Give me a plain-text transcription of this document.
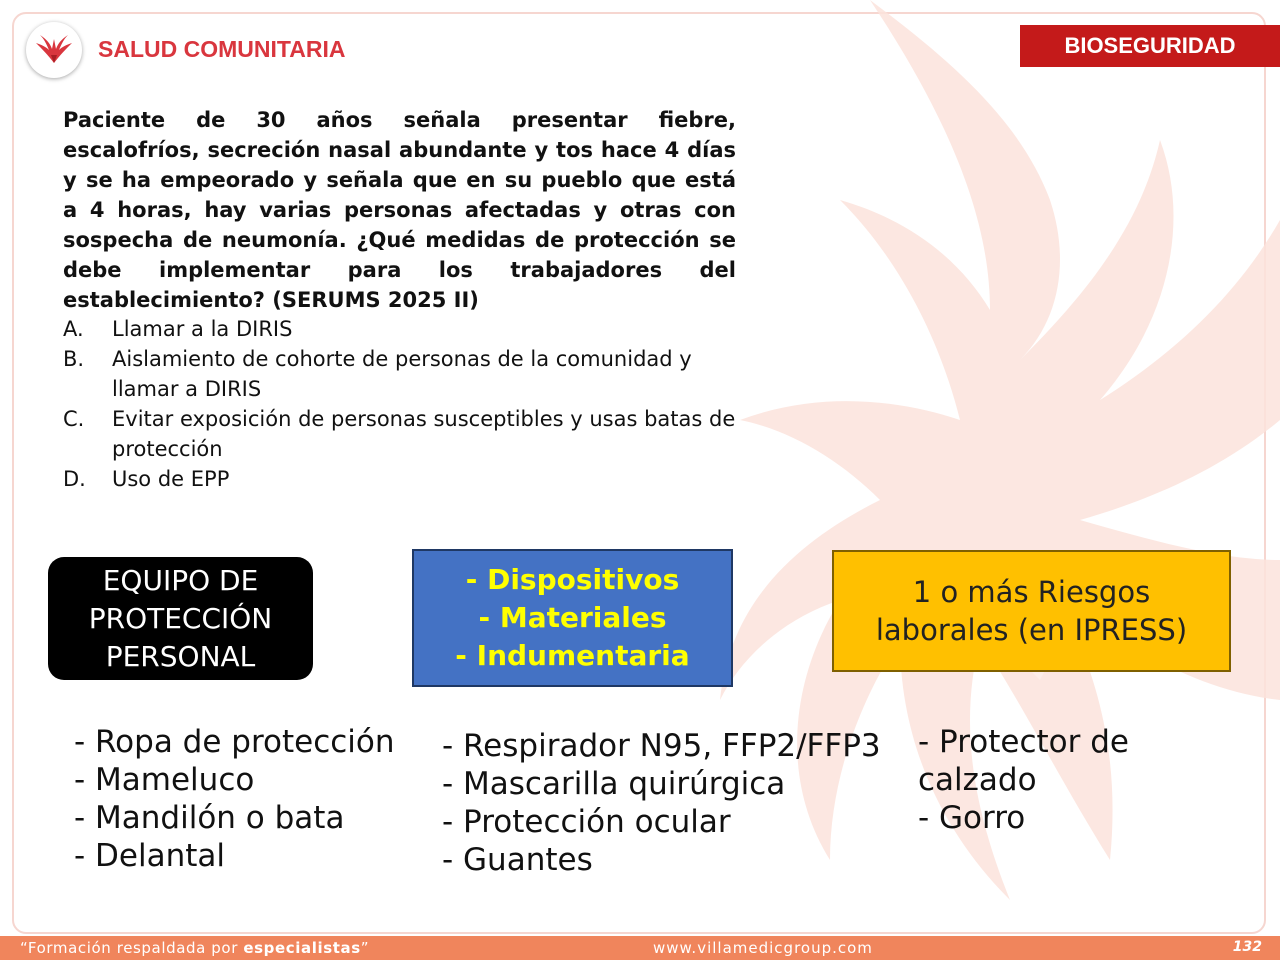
SALUD COMUNITARIA	BIOSEGURIDAD

Paciente de 30 años señala presentar fiebre, escalofríos, secreción nasal abundante y tos hace 4 días y se ha empeorado y señala que en su pueblo que está a 4 horas, hay varias personas afectadas y otras con sospecha de neumonía. ¿Qué medidas de protección se debe implementar para los trabajadores del establecimiento? (SERUMS 2025 II)

A. Llamar a la DIRIS
B. Aislamiento de cohorte de personas de la comunidad y llamar a DIRIS
C. Evitar exposición de personas susceptibles y usas batas de protección
D. Uso de EPP
EQUIPO DE
PROTECCIÓN
PERSONAL
- Dispositivos
- Materiales
- Indumentaria
1 o más Riesgos
laborales (en IPRESS)
- Ropa de protección
- Mameluco
- Mandilón o bata
- Delantal
- Respirador N95, FFP2/FFP3
- Mascarilla quirúrgica
- Protección ocular
- Guantes
- Protector de calzado
- Gorro
“Formación respaldada por especialistas”	www.villamedicgroup.com	132
